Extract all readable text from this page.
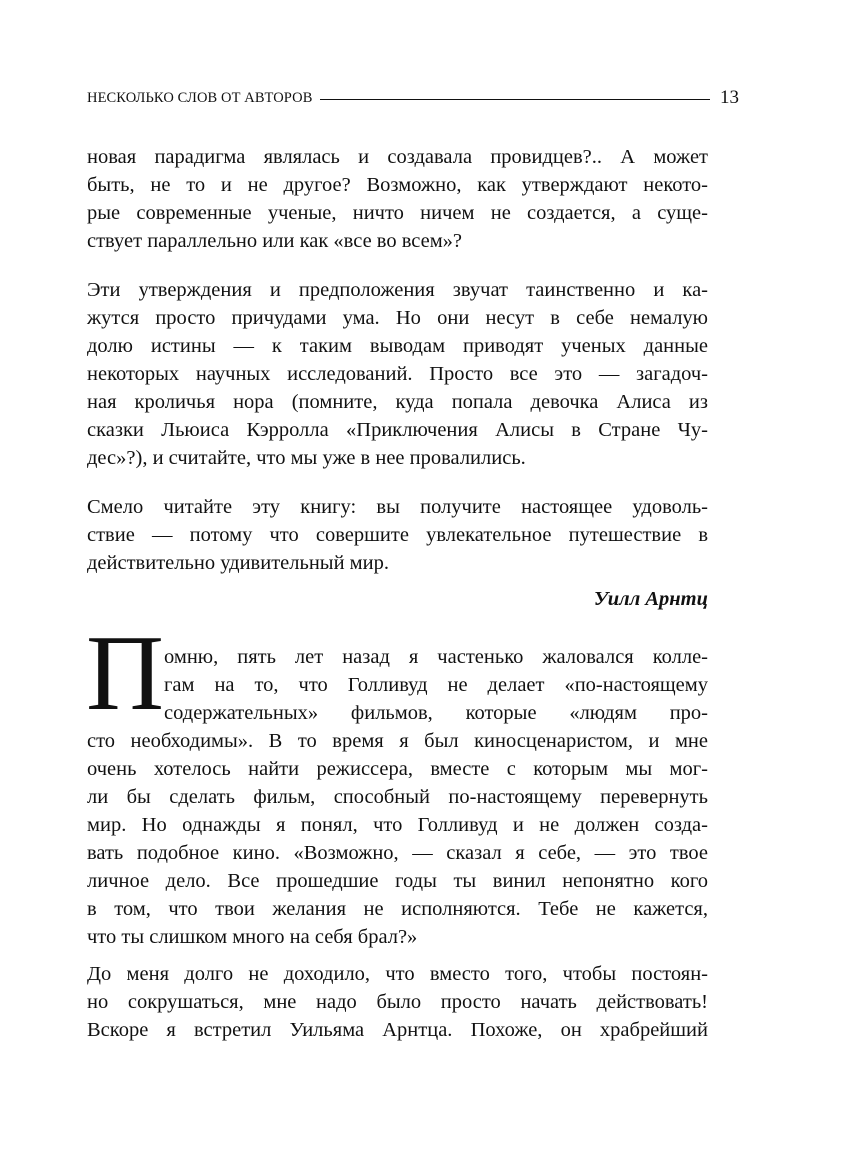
НЕСКОЛЬКО СЛОВ ОТ АВТОРОВ	13
новая парадигма являлась и создавала провидцев?.. А может
быть, не то и не другое? Возможно, как утверждают некото-
рые современные ученые, ничто ничем не создается, а суще-
ствует параллельно или как «все во всем»?
Эти утверждения и предположения звучат таинственно и ка-
жутся просто причудами ума. Но они несут в себе немалую
долю истины — к таким выводам приводят ученых данные
некоторых научных исследований. Просто все это — загадоч-
ная кроличья нора (помните, куда попала девочка Алиса из
сказки Льюиса Кэрролла «Приключения Алисы в Стране Чу-
дес»?), и считайте, что мы уже в нее провалились.
Смело читайте эту книгу: вы получите настоящее удоволь-
ствие — потому что совершите увлекательное путешествие в
действительно удивительный мир.
Уилл Арнтц
П омню, пять лет назад я частенько жаловался колле-
гам на то, что Голливуд не делает «по-настоящему
содержательных» фильмов, которые «людям про-
сто необходимы». В то время я был киносценаристом, и мне
очень хотелось найти режиссера, вместе с которым мы мог-
ли бы сделать фильм, способный по-настоящему перевернуть
мир. Но однажды я понял, что Голливуд и не должен созда-
вать подобное кино. «Возможно, — сказал я себе, — это твое
личное дело. Все прошедшие годы ты винил непонятно кого
в том, что твои желания не исполняются. Тебе не кажется,
что ты слишком много на себя брал?»
До меня долго не доходило, что вместо того, чтобы постоян-
но сокрушаться, мне надо было просто начать действовать!
Вскоре я встретил Уильяма Арнтца. Похоже, он храбрейший
